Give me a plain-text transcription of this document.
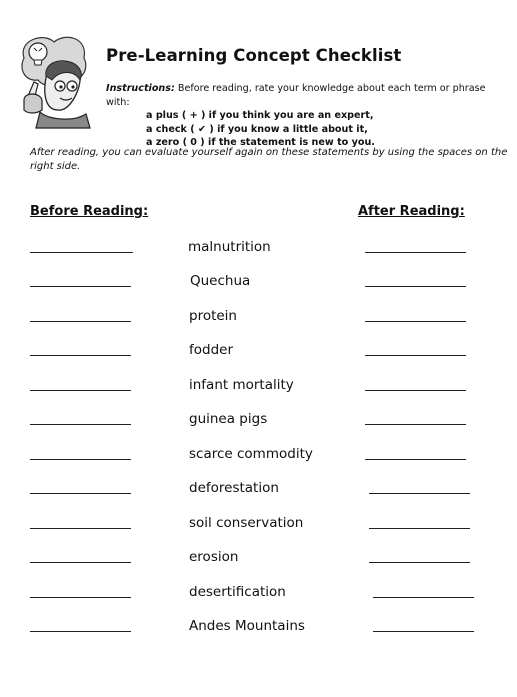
Pre-Learning Concept Checklist
Instructions: Before reading, rate your knowledge about each term or phrase with:
a plus ( + ) if you think you are an expert,
a check ( ✔ ) if you know a little about it,
a zero ( 0 ) if the statement is new to you.
After reading, you can evaluate yourself again on these statements by using the spaces on the right side.
Before Reading:	After Reading:
malnutrition
Quechua
protein
fodder
infant mortality
guinea pigs
scarce commodity
deforestation
soil conservation
erosion
desertification
Andes Mountains
